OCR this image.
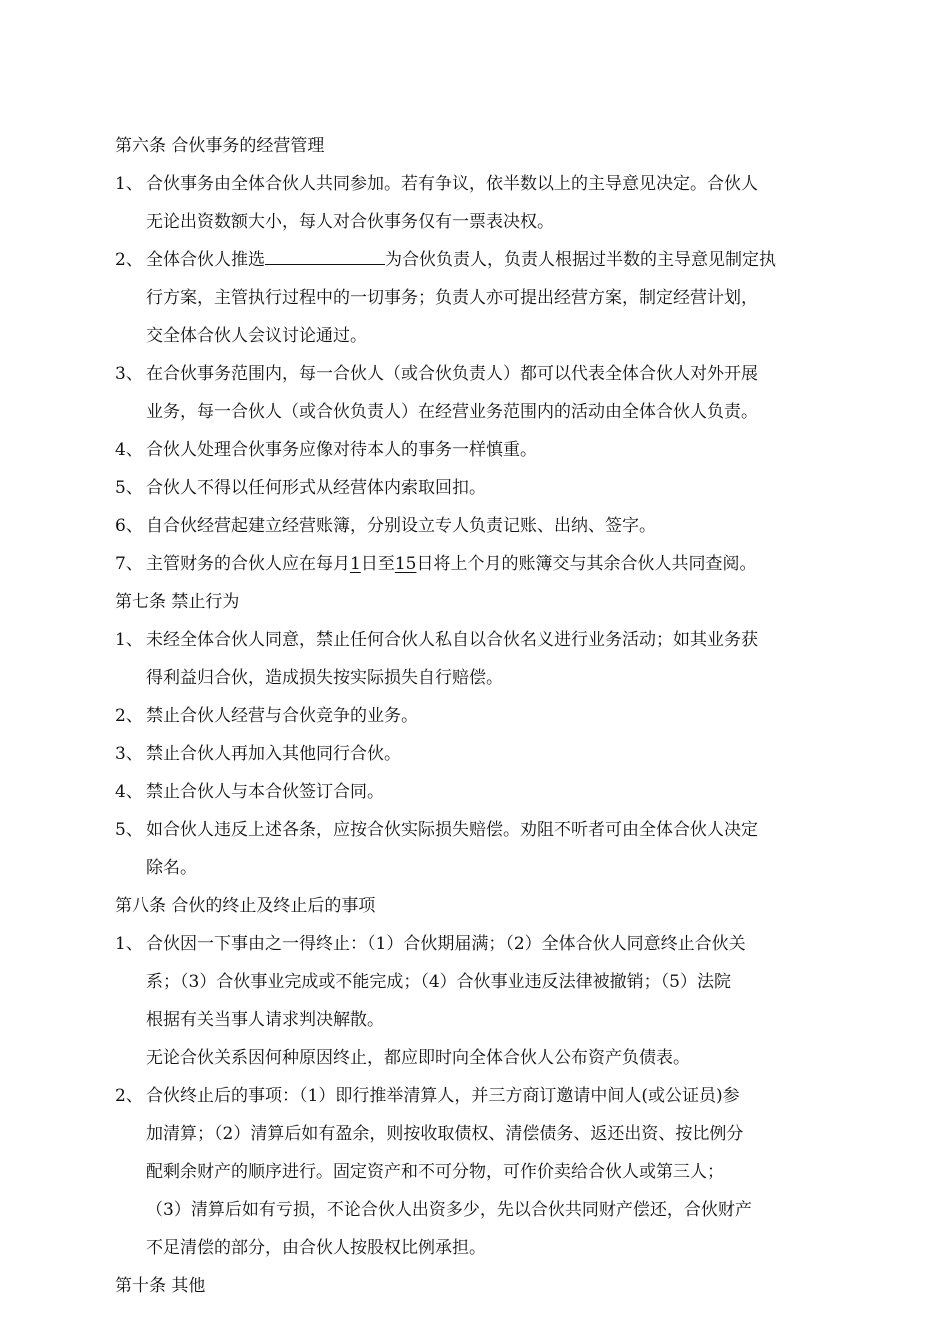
第六条 合伙事务的经营管理
1、 合伙事务由全体合伙人共同参加。若有争议，依半数以上的主导意见决定。合伙人
无论出资数额大小，每人对合伙事务仅有一票表决权。
2、 全体合伙人推选	为合伙负责人，负责人根据过半数的主导意见制定执
行方案，主管执行过程中的一切事务；负责人亦可提出经营方案，制定经营计划，
交全体合伙人会议讨论通过。
3、 在合伙事务范围内，每一合伙人（或合伙负责人）都可以代表全体合伙人对外开展
业务，每一合伙人（或合伙负责人）在经营业务范围内的活动由全体合伙人负责。
4、 合伙人处理合伙事务应像对待本人的事务一样慎重。
5、 合伙人不得以任何形式从经营体内索取回扣。
6、 自合伙经营起建立经营账簿，分别设立专人负责记账、出纳、签字。
7、 主管财务的合伙人应在每月1日至15日将上个月的账簿交与其余合伙人共同查阅。
第七条 禁止行为
1、 未经全体合伙人同意，禁止任何合伙人私自以合伙名义进行业务活动；如其业务获
得利益归合伙，造成损失按实际损失自行赔偿。
2、 禁止合伙人经营与合伙竞争的业务。
3、 禁止合伙人再加入其他同行合伙。
4、 禁止合伙人与本合伙签订合同。
5、 如合伙人违反上述各条，应按合伙实际损失赔偿。劝阻不听者可由全体合伙人决定
除名。
第八条 合伙的终止及终止后的事项
1、 合伙因一下事由之一得终止：（1）合伙期届满；（2）全体合伙人同意终止合伙关
系；（3）合伙事业完成或不能完成；（4）合伙事业违反法律被撤销；（5）法院
根据有关当事人请求判决解散。
无论合伙关系因何种原因终止，都应即时向全体合伙人公布资产负债表。
2、 合伙终止后的事项：（1）即行推举清算人，并三方商订邀请中间人(或公证员)参
加清算；（2）清算后如有盈余，则按收取债权、清偿债务、返还出资、按比例分
配剩余财产的顺序进行。固定资产和不可分物，可作价卖给合伙人或第三人；
（3）清算后如有亏损，不论合伙人出资多少，先以合伙共同财产偿还，合伙财产
不足清偿的部分，由合伙人按股权比例承担。
第十条 其他
